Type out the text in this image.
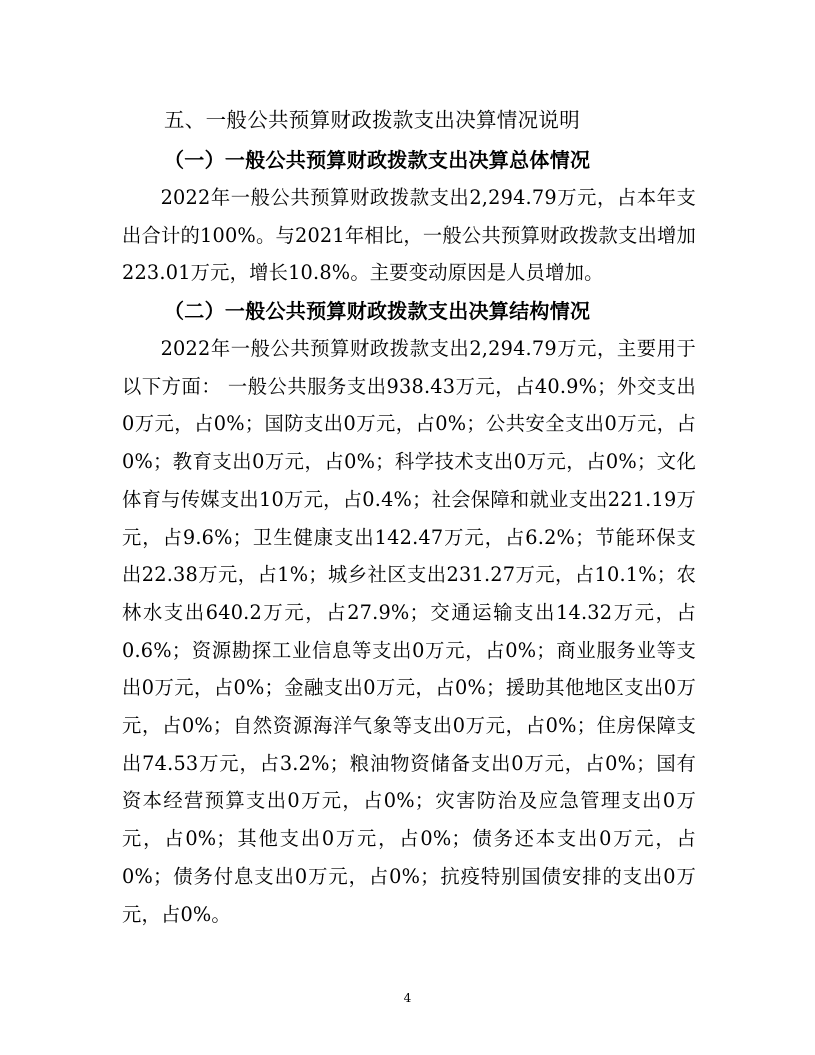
五、一般公共预算财政拨款支出决算情况说明
（一）一般公共预算财政拨款支出决算总体情况

2022年一般公共预算财政拨款支出2,294.79万元，占本年支出合计的100%。与2021年相比，一般公共预算财政拨款支出增加223.01万元，增长10.8%。主要变动原因是人员增加。

（二）一般公共预算财政拨款支出决算结构情况

2022年一般公共预算财政拨款支出2,294.79万元，主要用于以下方面： 一般公共服务支出938.43万元，占40.9%；外交支出0万元，占0%；国防支出0万元，占0%；公共安全支出0万元，占0%；教育支出0万元，占0%；科学技术支出0万元，占0%；文化体育与传媒支出10万元，占0.4%；社会保障和就业支出221.19万元，占9.6%；卫生健康支出142.47万元，占6.2%；节能环保支出22.38万元，占1%；城乡社区支出231.27万元，占10.1%；农林水支出640.2万元，占27.9%；交通运输支出14.32万元，占0.6%；资源勘探工业信息等支出0万元，占0%；商业服务业等支出0万元，占0%；金融支出0万元，占0%；援助其他地区支出0万元，占0%；自然资源海洋气象等支出0万元，占0%；住房保障支出74.53万元，占3.2%；粮油物资储备支出0万元，占0%；国有资本经营预算支出0万元，占0%；灾害防治及应急管理支出0万元，占0%；其他支出0万元，占0%；债务还本支出0万元，占0%；债务付息支出0万元，占0%；抗疫特别国债安排的支出0万元，占0%。

4
